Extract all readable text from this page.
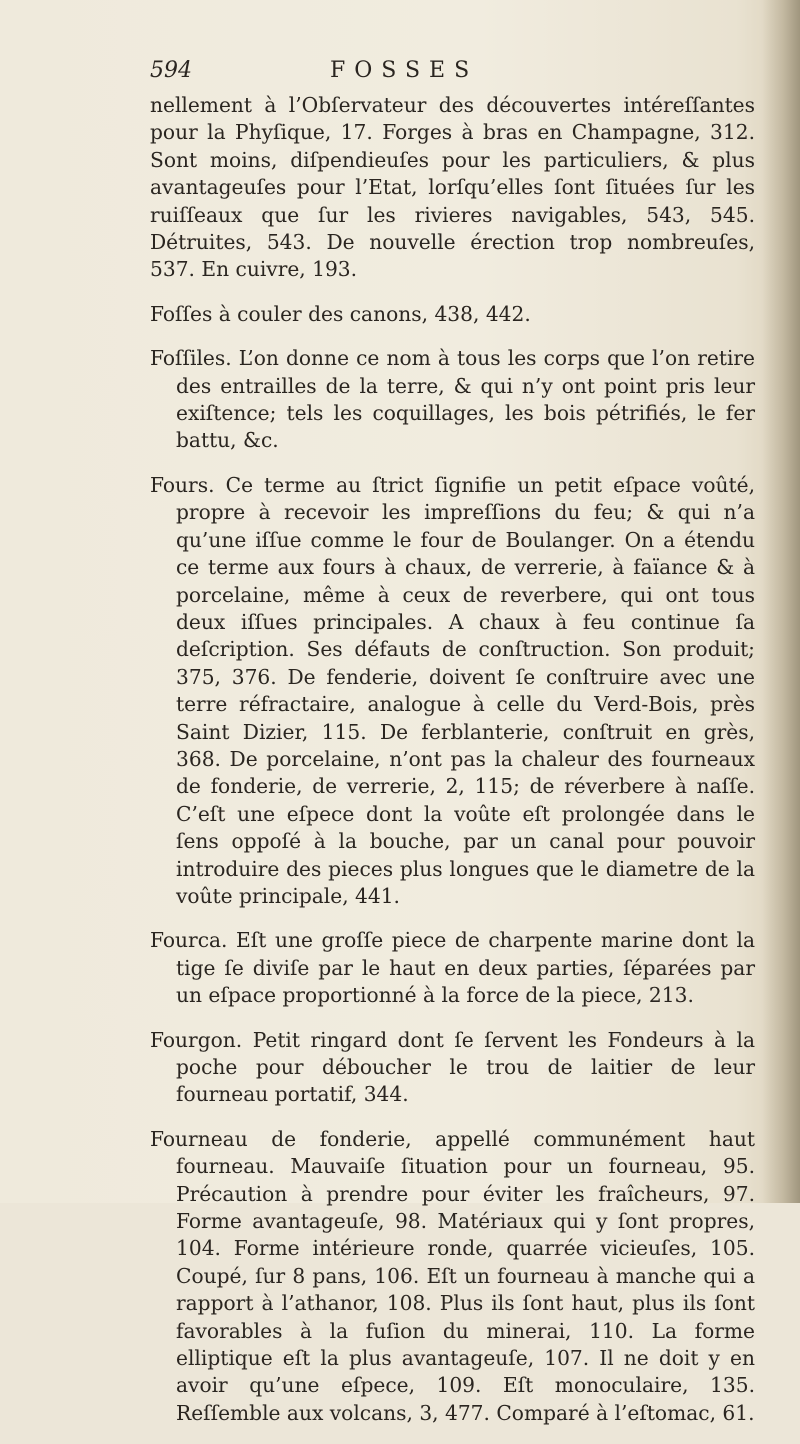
594	FOSSES

nellement à l’Obſervateur des découvertes intéreſſantes pour la Phyſique, 17. Forges à bras en Champagne, 312. Sont moins, diſpendieuſes pour les particuliers, & plus avantageuſes pour l’Etat, lorſqu’elles ſont ſituées ſur les ruiſſeaux que ſur les rivieres navigables, 543, 545. Détruites, 543. De nouvelle érection trop nombreuſes, 537. En cuivre, 193.

Foſſes à couler des canons, 438, 442.

Foſſiles. L’on donne ce nom à tous les corps que l’on retire des entrailles de la terre, & qui n’y ont point pris leur exiſtence; tels les coquillages, les bois pétrifiés, le fer battu, &c.

Fours. Ce terme au ſtrict ſignifie un petit eſpace voûté, propre à recevoir les impreſſions du feu; & qui n’a qu’une iſſue comme le four de Boulanger. On a étendu ce terme aux fours à chaux, de verrerie, à faïance & à porcelaine, même à ceux de reverbere, qui ont tous deux iſſues principales. A chaux à feu continue ſa deſcription. Ses défauts de conſtruction. Son produit; 375, 376. De fenderie, doivent ſe conſtruire avec une terre réfractaire, analogue à celle du Verd-Bois, près Saint Dizier, 115. De ferblanterie, conſtruit en grès, 368. De porcelaine, n’ont pas la chaleur des fourneaux de fonderie, de verrerie, 2, 115; de réverbere à naſſe. C’eſt une eſpece dont la voûte eſt prolongée dans le ſens oppoſé à la bouche, par un canal pour pouvoir introduire des pieces plus longues que le diametre de la voûte principale, 441.

Fourca. Eſt une groſſe piece de charpente marine dont la tige ſe diviſe par le haut en deux parties, ſéparées par un eſpace proportionné à la force de la piece, 213.

Fourgon. Petit ringard dont ſe ſervent les Fondeurs à la poche pour déboucher le trou de laitier de leur fourneau portatif, 344.

Fourneau de fonderie, appellé communément haut fourneau. Mauvaiſe ſituation pour un fourneau, 95. Précaution à prendre pour éviter les fraîcheurs, 97. Forme avantageuſe, 98. Matériaux qui y ſont propres, 104. Forme intérieure ronde, quarrée vicieuſes, 105. Coupé, ſur 8 pans, 106. Eſt un fourneau à manche qui a rapport à l’athanor, 108. Plus ils ſont haut, plus ils ſont favorables à la fuſion du minerai, 110. La forme elliptique eſt la plus avantageuſe, 107. Il ne doit y en avoir qu’une eſpece, 109. Eſt monoculaire, 135. Reſſemble aux volcans, 3, 477. Comparé à l’eſtomac, 61.
